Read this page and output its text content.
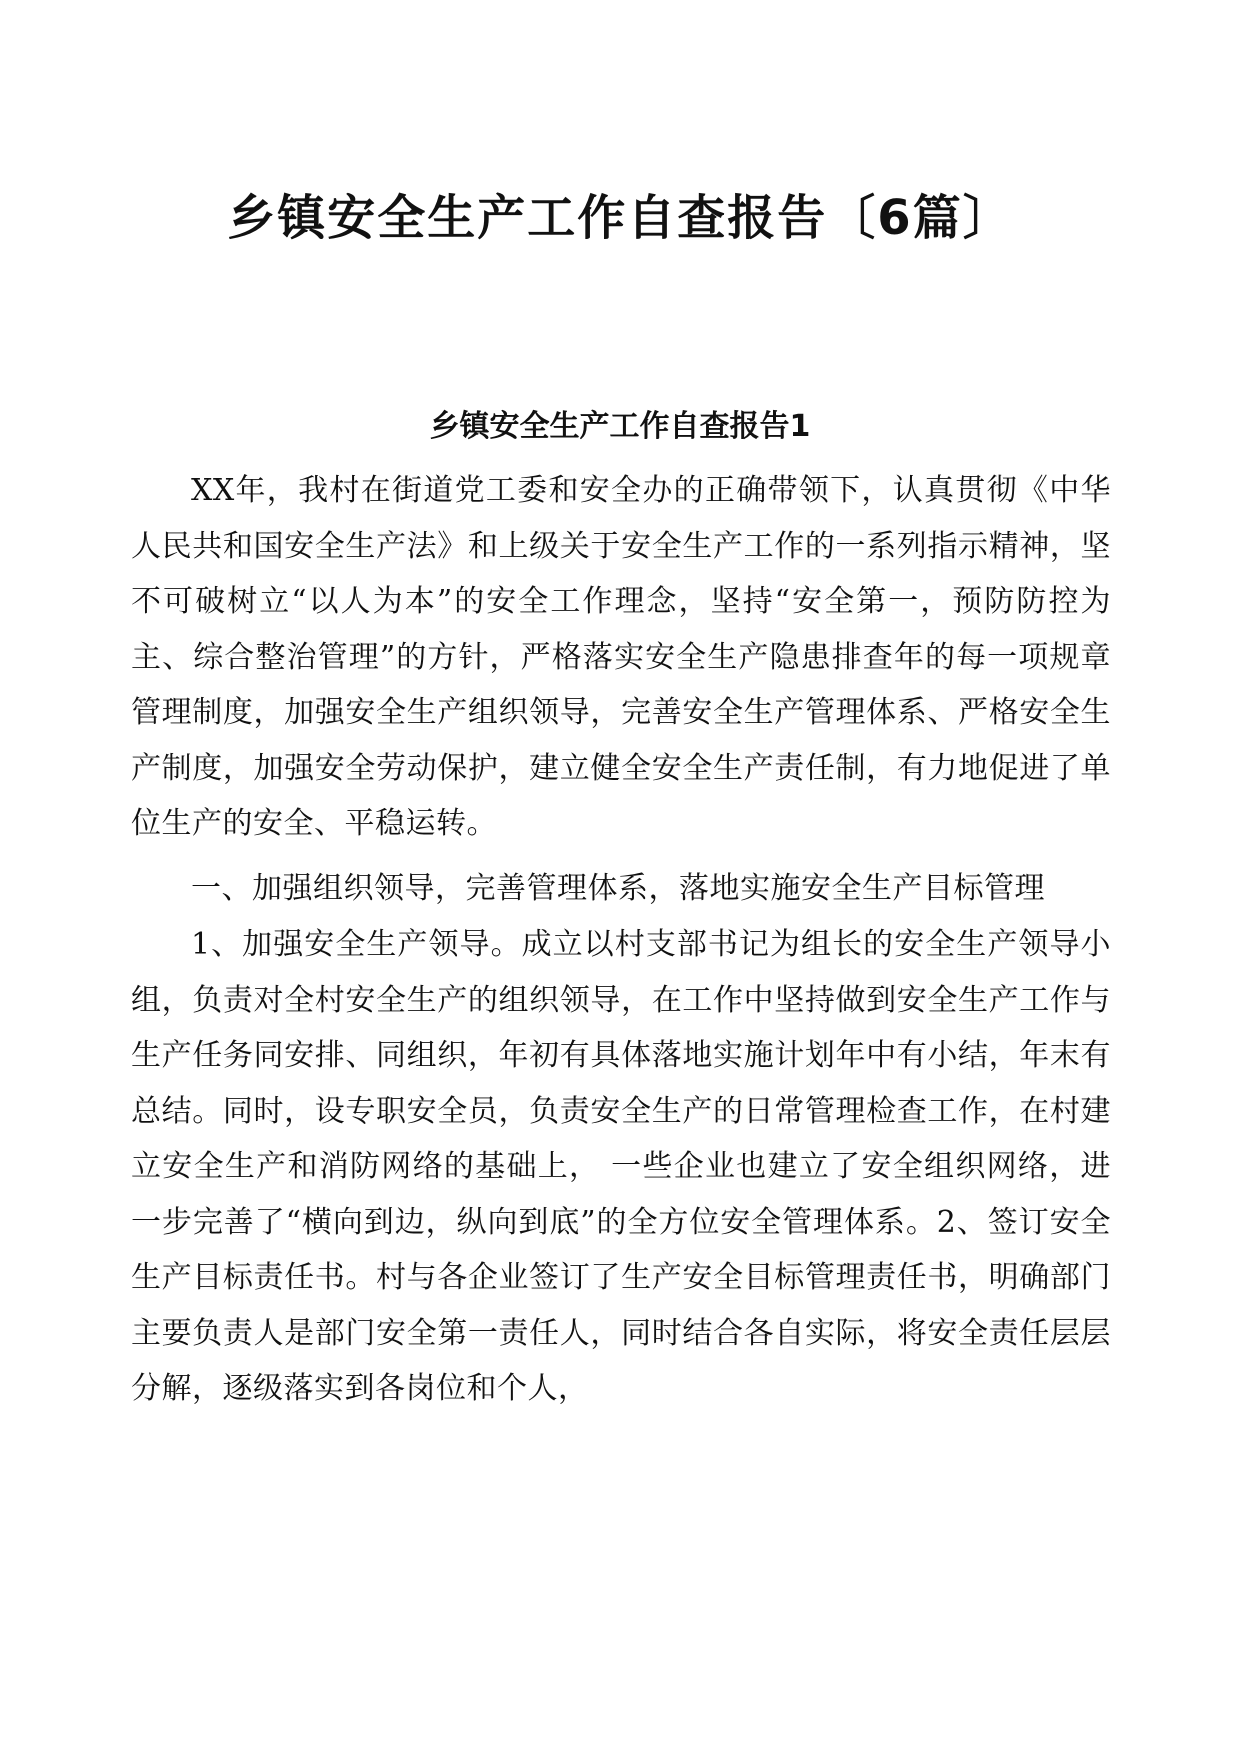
乡镇安全生产工作自查报告〔6篇〕
乡镇安全生产工作自查报告1

XX年，我村在街道党工委和安全办的正确带领下，认真贯彻《中华人民共和国安全生产法》和上级关于安全生产工作的一系列指示精神，坚不可破树立“以人为本”的安全工作理念，坚持“安全第一，预防防控为主、综合整治管理”的方针，严格落实安全生产隐患排查年的每一项规章管理制度，加强安全生产组织领导，完善安全生产管理体系、严格安全生产制度，加强安全劳动保护，建立健全安全生产责任制，有力地促进了单位生产的安全、平稳运转。

一、加强组织领导，完善管理体系，落地实施安全生产目标管理

1、加强安全生产领导。成立以村支部书记为组长的安全生产领导小组，负责对全村安全生产的组织领导，在工作中坚持做到安全生产工作与生产任务同安排、同组织，年初有具体落地实施计划年中有小结，年末有总结。同时，设专职安全员，负责安全生产的日常管理检查工作，在村建立安全生产和消防网络的基础上， 一些企业也建立了安全组织网络，进一步完善了“横向到边，纵向到底”的全方位安全管理体系。2、签订安全生产目标责任书。村与各企业签订了生产安全目标管理责任书，明确部门主要负责人是部门安全第一责任人，同时结合各自实际，将安全责任层层分解，逐级落实到各岗位和个人，
